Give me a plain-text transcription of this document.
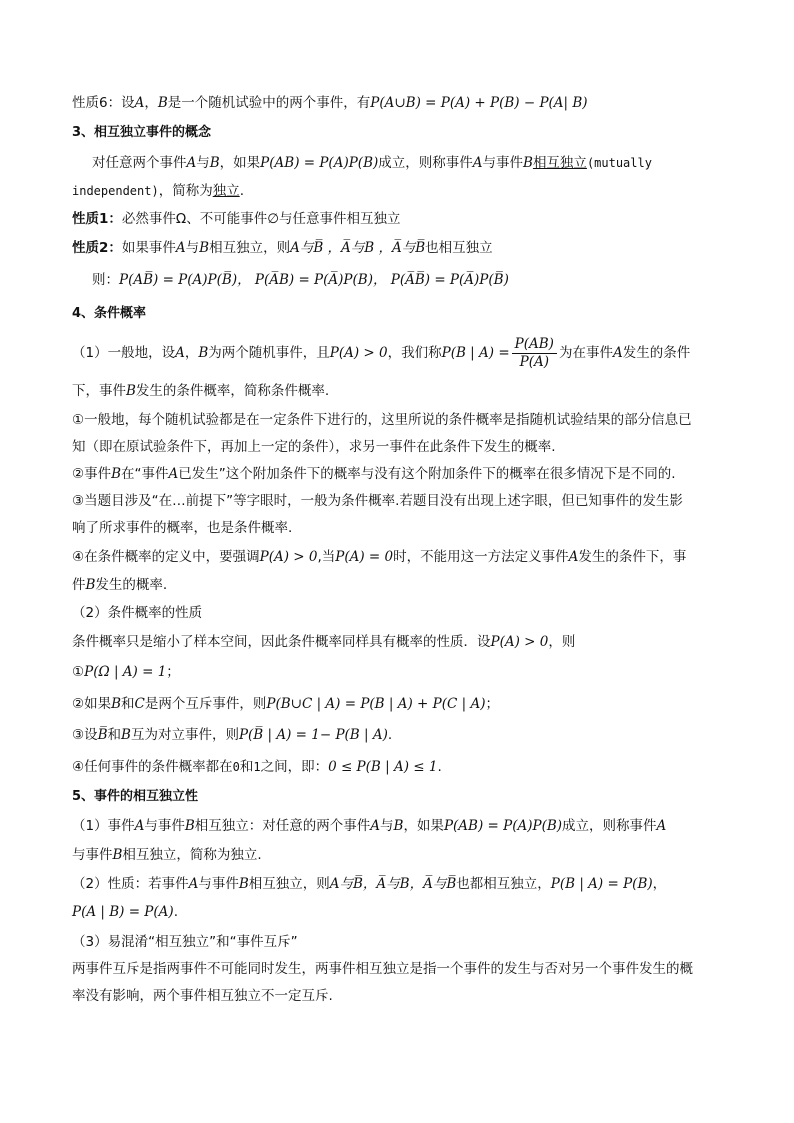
性质6：设A，B是一个随机试验中的两个事件，有P(A∪B) = P(A) + P(B) − P(A| B)
3、相互独立事件的概念
对任意两个事件A与B，如果P(AB) = P(A)P(B)成立，则称事件A与事件B相互独立(mutually
independent)，简称为独立.
性质1：必然事件Ω、不可能事件∅与任意事件相互独立
性质2：如果事件A与B相互独立，则A与B̅ ，A̅与B ，A̅与B̅也相互独立
则：P(AB̅) = P(A)P(B̅)， P(A̅B) = P(A̅)P(B)， P(A̅B̅) = P(A̅)P(B̅)
4、条件概率
（1）一般地，设A，B为两个随机事件，且P(A) > 0，我们称P(B | $A) = \frac{P(AB)}{P(A)}$ 为在事件A发生的条件
下，事件B发生的条件概率，简称条件概率.
①一般地，每个随机试验都是在一定条件下进行的，这里所说的条件概率是指随机试验结果的部分信息已
知（即在原试验条件下，再加上一定的条件），求另一事件在此条件下发生的概率.
②事件B在“事件A已发生”这个附加条件下的概率与没有这个附加条件下的概率在很多情况下是不同的.
③当题目涉及“在…前提下”等字眼时，一般为条件概率.若题目没有出现上述字眼，但已知事件的发生影
响了所求事件的概率，也是条件概率.
④在条件概率的定义中，要强调P(A) > 0,当P(A) = 0时，不能用这一方法定义事件A发生的条件下，事
件B发生的概率.
（2）条件概率的性质
条件概率只是缩小了样本空间，因此条件概率同样具有概率的性质．设P(A) > 0，则
①P(Ω | A) = 1；
②如果B和C是两个互斥事件，则P(B∪C | A) = P(B | A) + P(C | A)；
③设B̅和B互为对立事件，则P(B̅ | A) = 1− P(B | A).
④任何事件的条件概率都在0和1之间，即：0 ≤ P(B | A) ≤ 1.
5、事件的相互独立性
（1）事件A与事件B相互独立：对任意的两个事件A与B，如果P(AB) = P(A)P(B)成立，则称事件A
与事件B相互独立，简称为独立.
（2）性质：若事件A与事件B相互独立，则A与B̅，A̅与B，A̅与B̅也都相互独立，P(B | A) = P(B)，
P(A | B) = P(A).
（3）易混淆“相互独立”和“事件互斥”
两事件互斥是指两事件不可能同时发生，两事件相互独立是指一个事件的发生与否对另一个事件发生的概
率没有影响，两个事件相互独立不一定互斥.
